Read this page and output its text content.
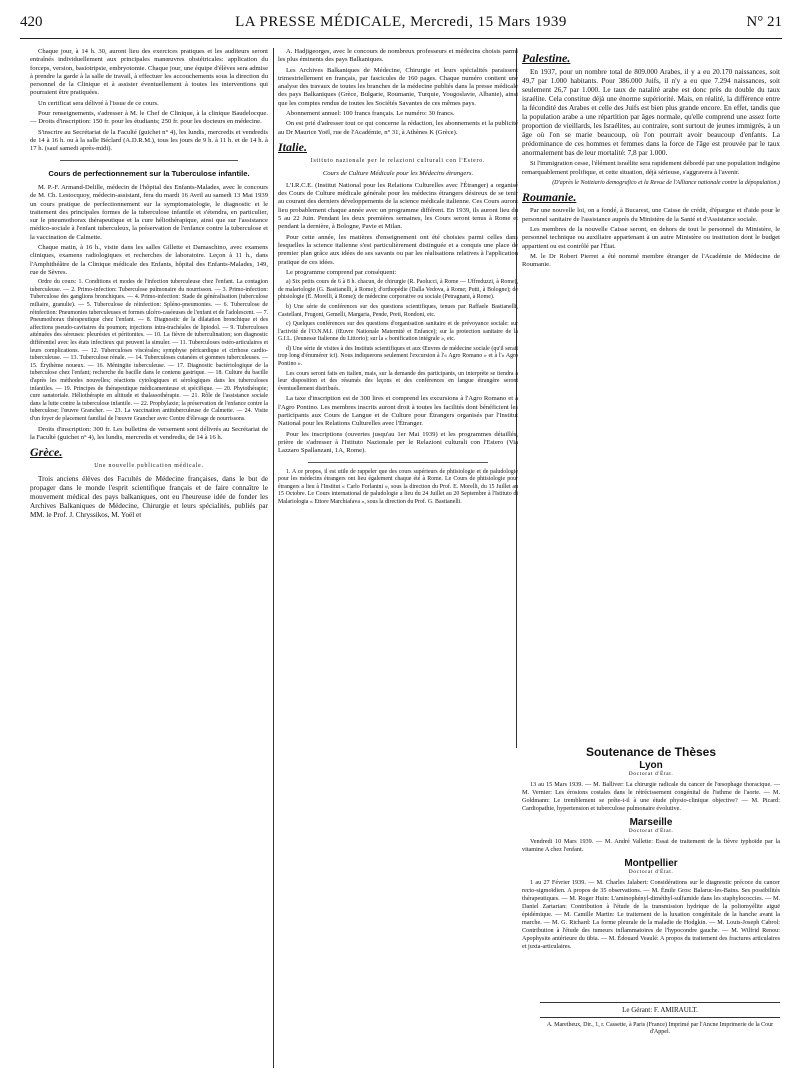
420	LA PRESSE MÉDICALE, Mercredi, 15 Mars 1939	N° 21

Chaque jour, à 14 h. 30, auront lieu des exercices pratiques et les auditeurs seront entraînés individuellement aux principales manœuvres obstétricales: application du forceps, version, basiotripsie, embryotomie. Chaque jour, une équipe d'élèves sera admise à prendre la garde à la salle de travail, à effectuer les accouchements sous la direction du personnel de la Clinique et à assister éventuellement à toutes les interventions qui pourraient être pratiquées.

Un certificat sera délivré à l'issue de ce cours.

Pour renseignements, s'adresser à M. le Chef de Clinique, à la clinique Baudelocque. — Droits d'inscription: 150 fr. pour les étudiants; 250 fr. pour les docteurs en médecine.

S'inscrire au Secrétariat de la Faculté (guichet n° 4), les lundis, mercredis et vendredis de 14 à 16 h. ou à la salle Béclard (A.D.R.M.), tous les jours de 9 h. à 11 h. et de 14 h. à 17 h. (sauf samedi après-midi).

Cours de perfectionnement sur la Tuberculose infantile.

M. P.-F. Armand-Delille, médecin de l'hôpital des Enfants-Malades, avec le concours de M. Ch. Lestocquoy, médecin-assistant, fera du mardi 16 Avril au samedi 13 Mai 1939 un cours pratique de perfectionnement sur la symptomatologie, le diagnostic et le traitement des principales formes de la tuberculose infantile et s'étendra, en particulier, sur le pneumothorax thérapeutique et la cure héliothérapique, ainsi que sur l'assistance médico-sociale à l'enfant tuberculeux, la préservation de l'enfance contre la tuberculose et la vaccination de Calmette.

Chaque matin, à 16 h., visite dans les salles Gillette et Damaschino, avec examens cliniques, examens radiologiques et recherches de laboratoire. Leçon à 11 h., dans l'Amphithéâtre de la Clinique médicale des Enfants, hôpital des Enfants-Malades, 149, rue de Sèvres.

Ordre du cours: 1. Conditions et modes de l'infection tuberculeuse chez l'enfant. La contagion tuberculeuse. — 2. Primo-infection: Tuberculose pulmonaire du nourrisson. — 3. Primo-infection: Tuberculose des ganglions bronchiques. — 4. Primo-infection: Stade de généralisation (tuberculose miliaire, granulie). — 5. Tuberculose de réinfection: Spléno-pneumonies. — 6. Tuberculose de réinfection: Pneumonies tuberculeuses et formes ulcéro-caséeuses de l'enfant et de l'adolescent. — 7. Pneumothorax thérapeutique chez l'enfant. — 8. Diagnostic de la dilatation bronchique et des affections pseudo-cavitaires du poumon; injections intra-trachéales de lipiodol. — 9. Tuberculoses atténuées des séreuses: pleurésies et péritonites. — 10. La fièvre de tuberculination; son diagnostic différentiel avec les états infectieux qui peuvent la simuler. — 11. Tuberculoses ostéo-articulaires et leurs complications. — 12. Tuberculoses viscérales; symphyse péricardique et cirrhose cardio-tuberculeuse. — 13. Tuberculose rénale. — 14. Tuberculoses cutanées et gommes tuberculeuses. — 15. Érythème noueux. — 16. Méningite tuberculeuse. — 17. Diagnostic bactériologique de la tuberculose chez l'enfant; recherche du bacille dans le contenu gastrique. — 18. Culture du bacille d'après les méthodes nouvelles; réactions cytologiques et sérologiques dans les tuberculoses infantiles. — 19. Principes de thérapeutique médicamenteuse et spécifique. — 20. Phytothérapie; cure sanatoriale. Héliothérapie en altitude et thalassothérapie. — 21. Rôle de l'assistance sociale dans la lutte contre la tuberculose infantile. — 22. Prophylaxie; la préservation de l'enfance contre la tuberculose; l'œuvre Grancher. — 23. La vaccination antituberculeuse de Calmette. — 24. Visite d'un foyer de placement familial de l'œuvre Grancher avec Centre d'élevage de nourrissons.

Droits d'inscription: 300 fr. Les bulletins de versement sont délivrés au Secrétariat de la Faculté (guichet n° 4), les lundis, mercredis et vendredis, de 14 à 16 h.

Grèce.
Une nouvelle publication médicale.

Trois anciens élèves des Facultés de Médecine françaises, dans le but de propager dans le monde l'esprit scientifique français et de faire connaître le mouvement médical des pays balkaniques, ont eu l'heureuse idée de fonder les Archives Balkaniques de Médecine, Chirurgie et leurs spécialités, publiés par MM. le Prof. J. Chryssikos, M. Yoël et

A. Hadjigeorges, avec le concours de nombreux professeurs et médecins choisis parmi les plus éminents des pays Balkaniques.

Les Archives Balkaniques de Médecine, Chirurgie et leurs spécialités paraissent trimestriellement en français, par fascicules de 160 pages. Chaque numéro contient une analyse des travaux de toutes les branches de la médecine publiés dans la presse médicale des pays Balkaniques (Grèce, Bulgarie, Roumanie, Turquie, Yougoslavie, Albanie), ainsi que les comptes rendus de toutes les Sociétés Savantes de ces mêmes pays.

Abonnement annuel: 100 francs français. Le numéro: 30 francs.

On est prié d'adresser tout ce qui concerne la rédaction, les abonnements et la publicité au Dr Maurice Yoël, rue de l'Académie, n° 31, à Athènes K (Grèce).

Italie.
Istituto nazionale per le relazioni culturali con l'Estero.
Cours de Culture Médicale pour les Médecins étrangers.

L'I.R.C.E. (Institut National pour les Relations Culturelles avec l'Étranger) a organisé des Cours de Culture médicale générale pour les médecins étrangers désireux de se tenir au courant des derniers développements de la science médicale italienne. Ces Cours auront lieu probablement chaque année avec un programme différent. En 1939, ils auront lieu du 5 au 22 Juin. Pendant les deux premières semaines, les Cours seront tenus à Rome et pendant la dernière, à Bologne, Pavie et Milan.

Pour cette année, les matières d'enseignement ont été choisies parmi celles dans lesquelles la science italienne s'est particulièrement distinguée et a conquis une place de premier plan grâce aux idées de ses savants ou par les réalisations relatives à l'application pratique de ces idées.

Le programme comprend par conséquent:

a) Six petits cours de 6 à 8 h. chacun, de chirurgie (R. Paolucci, à Rome — Uffreduzzi, à Rome), de malariologie (G. Bastianelli, à Rome); d'orthopédie (Dalla Vedova, à Rome; Putti, à Bologne); de phisiologie (E. Morelli, à Rome); de médecine corporative ou sociale (Petragnani, à Rome).

b) Une série de conférences sur des questions scientifiques, tenues par Raffaele Bastianelli, Castellani, Frugoni, Gemelli, Margaria, Pende, Preti, Rondoni, etc.

c) Quelques conférences sur des questions d'organisation sanitaire et de prévoyance sociale: sur l'activité de l'O.N.M.I. (Œuvre Nationale Maternité et Enfance); sur la protection sanitaire de la G.I.L. (Jeunesse Italienne du Littorio); sur la « bonification intégrale », etc.

d) Une série de visites à des Instituts scientifiques et aux Œuvres de médecine sociale (qu'il serait trop long d'énumérer ici). Nous indiquerons seulement l'excursion à l'« Agro Romano » et à l'« Agro Pontino ».

Les cours seront faits en italien, mais, sur la demande des participants, un interprète se tiendra à leur disposition et des résumés des leçons et des conférences en langue étrangère seront éventuellement distribués.

La taxe d'inscription est de 300 lires et comprend les excursions à l'Agro Romano et à l'Agro Pontino. Les membres inscrits auront droit à toutes les facilités dont bénéficient les participants aux Cours de Langue et de Culture pour Étrangers organisés par l'Institut National pour les Relations Culturelles avec l'Étranger.

Pour les inscriptions (ouvertes jusqu'au 1er Mai 1939) et les programmes détaillés, prière de s'adresser à l'Istituto Nazionale per le Relazioni culturali con l'Estero (Via Lazzaro Spallanzani, 1A, Rome).

1. A ce propos, il est utile de rappeler que des cours supérieurs de phtisiologie et de paludologie pour les médecins étrangers ont lieu également chaque été à Rome. Le Cours de phtisiologie pour étrangers a lieu à l'Institut « Carlo Forlanini », sous la direction du Prof. E. Morelli, du 15 Juillet au 15 Octobre. Le Cours international de paludologie a lieu du 24 Juillet au 20 Septembre à l'Istituto di Malariologia « Ettore Marchiafava », sous la direction du Prof. G. Bastianelli.

Palestine.

En 1937, pour un nombre total de 809.000 Arabes, il y a eu 20.170 naissances, soit 49,7 par 1.000 habitants. Pour 386.000 Juifs, il n'y a eu que 7.294 naissances, soit seulement 26,7 par 1.000. Le taux de natalité arabe est donc près du double du taux israélite. Cela constitue déjà une énorme supériorité. Mais, en réalité, la différence entre la fécondité des Arabes et celle des Juifs est bien plus grande encore. En effet, tandis que la population arabe a une répartition par âges normale, qu'elle comprend une assez forte proportion de vieillards, les Israélites, au contraire, sont surtout de jeunes immigrés, à un âge où l'on se marie beaucoup, où l'on pourrait avoir beaucoup d'enfants. La prédominance de ces hommes et femmes dans la force de l'âge est prouvée par le taux anormalement bas de leur mortalité: 7,8 par 1.000.

Si l'immigration cesse, l'élément israélite sera rapidement débordé par une population indigène remarquablement prolifique, et cette situation, déjà sérieuse, s'aggravera à l'avenir.

(D'après le Notiziario demografico et la Revue de l'Alliance nationale contre la dépopulation.)
Roumanie.

Par une nouvelle loi, on a fondé, à Bucarest, une Caisse de crédit, d'épargne et d'aide pour le personnel sanitaire de l'assistance auprès du Ministère de la Santé et d'Assistance sociale.

Les membres de la nouvelle Caisse seront, en dehors de tout le personnel du Ministère, le personnel technique ou auxiliaire appartenant à un autre Ministère ou institution dont le budget appartient ou est contrôlé par l'État.

M. le Dr Robert Pierret a été nommé membre étranger de l'Académie de Médecine de Roumanie.

Soutenance de Thèses
Lyon
Doctorat d'État.

13 au 15 Mars 1939. — M. Balliver: La chirurgie radicale du cancer de l'œsophage thoracique. — M. Vernier: Les érosions costales dans le rétrécissement congénital de l'isthme de l'aorte. — M. Goldmann: Le tremblement se prête-t-il à une étude physio-clinique objective? — M. Picard: Cardiopathie, hypertension et tuberculose pulmonaire évolutive.

Marseille
Doctorat d'État.

Vendredi 10 Mars 1939. — M. André Vallette: Essai de traitement de la fièvre typhoïde par la vitamine A chez l'enfant.

Montpellier
Doctorat d'État.

1 au 27 Février 1939. — M. Charles Jalabert: Considérations sur le diagnostic précoce du cancer recto-sigmoïdien. A propos de 35 observations. — M. Émile Gros: Balaruc-les-Bains. Ses possibilités thérapeutiques. — M. Roger Huin: L'aminophényl-diméthyl-sulfamide dans les staphylococcies. — M. Daniel Zartarian: Contribution à l'étude de la transmission hydrique de la poliomyélite aiguë épidémique. — M. Camille Martin: Le traitement de la luxation congénitale de la hanche avant la marche. — M. G. Richard: La forme pleurale de la maladie de Hodgkin. — M. Louis-Joseph Cabrol: Contribution à l'étude des tumeurs inflammatoires de l'hypocondre gauche. — M. Wilfrid Renou: Apophysite antérieure du tibia. — M. Édouard Veaulé: A propos du traitement des fractures articulaires et juxta-articulaires.

Le Gérant: F. AMIRAULT.
A. Maretheux, Dir., 1, r. Cassette, à Paris (France) Imprimé par l'Ancne Imprimerie de la Cour d'Appel.
